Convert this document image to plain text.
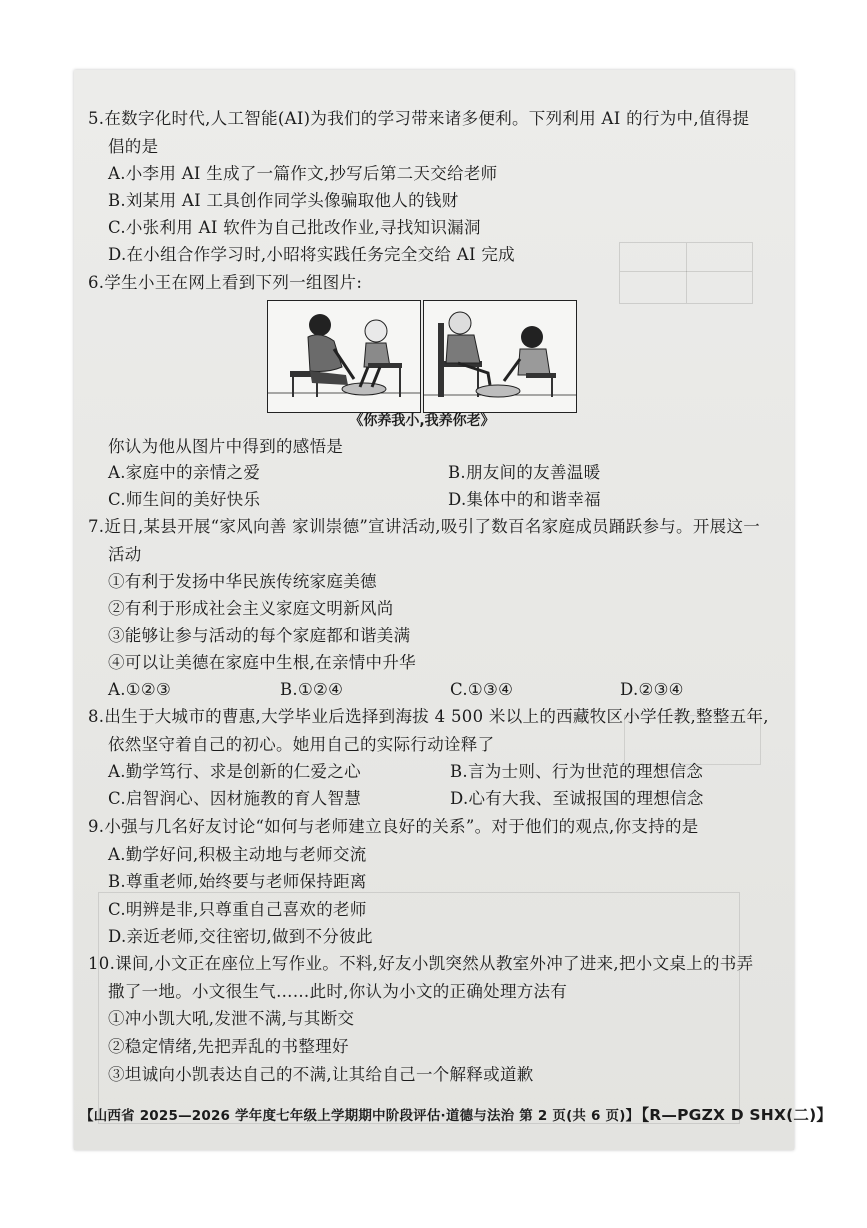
5.在数字化时代,人工智能(AI)为我们的学习带来诸多便利。下列利用 AI 的行为中,值得提
倡的是
A.小李用 AI 生成了一篇作文,抄写后第二天交给老师
B.刘某用 AI 工具创作同学头像骗取他人的钱财
C.小张利用 AI 软件为自己批改作业,寻找知识漏洞
D.在小组合作学习时,小昭将实践任务完全交给 AI 完成
6.学生小王在网上看到下列一组图片:
《你养我小,我养你老》
你认为他从图片中得到的感悟是
A.家庭中的亲情之爱	B.朋友间的友善温暖
C.师生间的美好快乐	D.集体中的和谐幸福
7.近日,某县开展“家风向善 家训崇德”宣讲活动,吸引了数百名家庭成员踊跃参与。开展这一
活动
①有利于发扬中华民族传统家庭美德
②有利于形成社会主义家庭文明新风尚
③能够让参与活动的每个家庭都和谐美满
④可以让美德在家庭中生根,在亲情中升华
A.①②③	B.①②④	C.①③④	D.②③④
8.出生于大城市的曹惠,大学毕业后选择到海拔 4 500 米以上的西藏牧区小学任教,整整五年,
依然坚守着自己的初心。她用自己的实际行动诠释了
A.勤学笃行、求是创新的仁爱之心	B.言为士则、行为世范的理想信念
C.启智润心、因材施教的育人智慧	D.心有大我、至诚报国的理想信念
9.小强与几名好友讨论“如何与老师建立良好的关系”。对于他们的观点,你支持的是
A.勤学好问,积极主动地与老师交流
B.尊重老师,始终要与老师保持距离
C.明辨是非,只尊重自己喜欢的老师
D.亲近老师,交往密切,做到不分彼此
10.课间,小文正在座位上写作业。不料,好友小凯突然从教室外冲了进来,把小文桌上的书弄
撒了一地。小文很生气……此时,你认为小文的正确处理方法有
①冲小凯大吼,发泄不满,与其断交
②稳定情绪,先把弄乱的书整理好
③坦诚向小凯表达自己的不满,让其给自己一个解释或道歉
【山西省 2025—2026 学年度七年级上学期期中阶段评估·道德与法治 第 2 页(共 6 页)】 【R—PGZX D SHX(二)】
